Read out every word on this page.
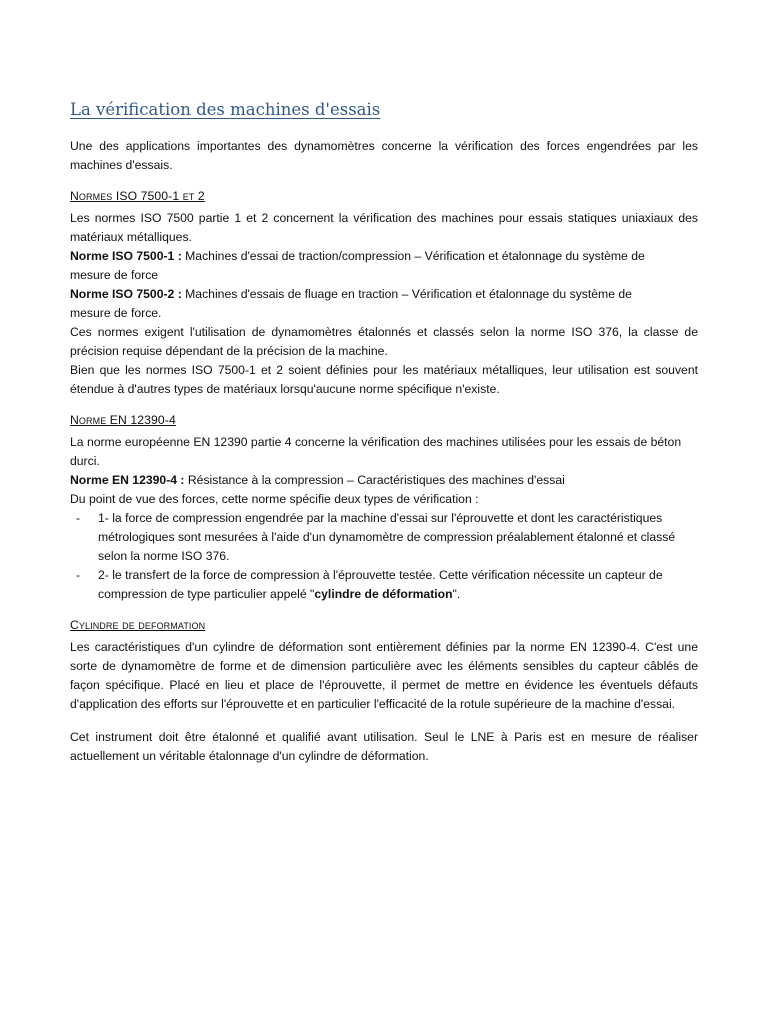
La vérification des machines d'essais

Une des applications importantes des dynamomètres concerne la vérification des forces engendrées par les machines d'essais.

Normes ISO 7500-1 et 2

Les normes ISO 7500 partie 1 et 2 concernent la vérification des machines pour essais statiques uniaxiaux des matériaux métalliques.

Norme ISO 7500-1 : Machines d'essai de traction/compression – Vérification et étalonnage du système de mesure de force

Norme ISO 7500-2 : Machines d'essais de fluage en traction – Vérification et étalonnage du système de mesure de force.

Ces normes exigent l'utilisation de dynamomètres étalonnés et classés selon la norme ISO 376, la classe de précision requise dépendant de la précision de la machine.

Bien que les normes ISO 7500-1 et 2 soient définies pour les matériaux métalliques, leur utilisation est souvent étendue à d'autres types de matériaux lorsqu'aucune norme spécifique n'existe.

Norme EN 12390-4

La norme européenne EN 12390 partie 4 concerne la vérification des machines utilisées pour les essais de béton durci.

Norme EN 12390-4 : Résistance à la compression – Caractéristiques des machines d'essai

Du point de vue des forces, cette norme spécifie deux types de vérification :

- 1- la force de compression engendrée par la machine d'essai sur l'éprouvette et dont les caractéristiques métrologiques sont mesurées à l'aide d'un dynamomètre de compression préalablement étalonné et classé selon la norme ISO 376.
- 2- le transfert de la force de compression à l'éprouvette testée. Cette vérification nécessite un capteur de compression de type particulier appelé "cylindre de déformation".
Cylindre de deformation

Les caractéristiques d'un cylindre de déformation sont entièrement définies par la norme EN 12390-4. C'est une sorte de dynamomètre de forme et de dimension particulière avec les éléments sensibles du capteur câblés de façon spécifique. Placé en lieu et place de l'éprouvette, il permet de mettre en évidence les éventuels défauts d'application des efforts sur l'éprouvette et en particulier l'efficacité de la rotule supérieure de la machine d'essai.

Cet instrument doit être étalonné et qualifié avant utilisation. Seul le LNE à Paris est en mesure de réaliser actuellement un véritable étalonnage d'un cylindre de déformation.
